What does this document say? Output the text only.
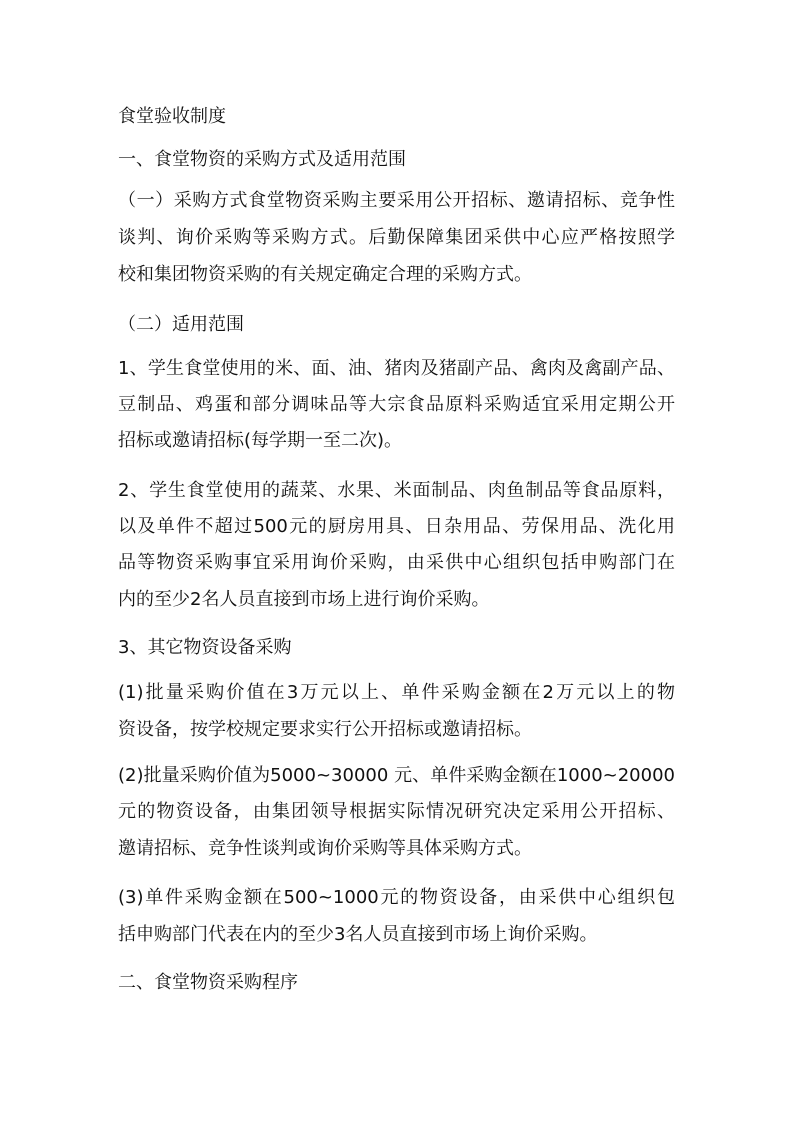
食堂验收制度
一、食堂物资的采购方式及适用范围
（一）采购方式食堂物资采购主要采用公开招标、邀请招标、竞争性
谈判、询价采购等采购方式。后勤保障集团采供中心应严格按照学
校和集团物资采购的有关规定确定合理的采购方式。
（二）适用范围
1、学生食堂使用的米、面、油、猪肉及猪副产品、禽肉及禽副产品、
豆制品、鸡蛋和部分调味品等大宗食品原料采购适宜采用定期公开
招标或邀请招标(每学期一至二次)。
2、学生食堂使用的蔬菜、水果、米面制品、肉鱼制品等食品原料，
以及单件不超过500元的厨房用具、日杂用品、劳保用品、洗化用
品等物资采购事宜采用询价采购，由采供中心组织包括申购部门在
内的至少2名人员直接到市场上进行询价采购。
3、其它物资设备采购
(1)批量采购价值在3万元以上、单件采购金额在2万元以上的物
资设备，按学校规定要求实行公开招标或邀请招标。
(2)批量采购价值为5000~30000 元、单件采购金额在1000~20000
元的物资设备，由集团领导根据实际情况研究决定采用公开招标、
邀请招标、竞争性谈判或询价采购等具体采购方式。
(3)单件采购金额在500~1000元的物资设备，由采供中心组织包
括申购部门代表在内的至少3名人员直接到市场上询价采购。
二、食堂物资采购程序
